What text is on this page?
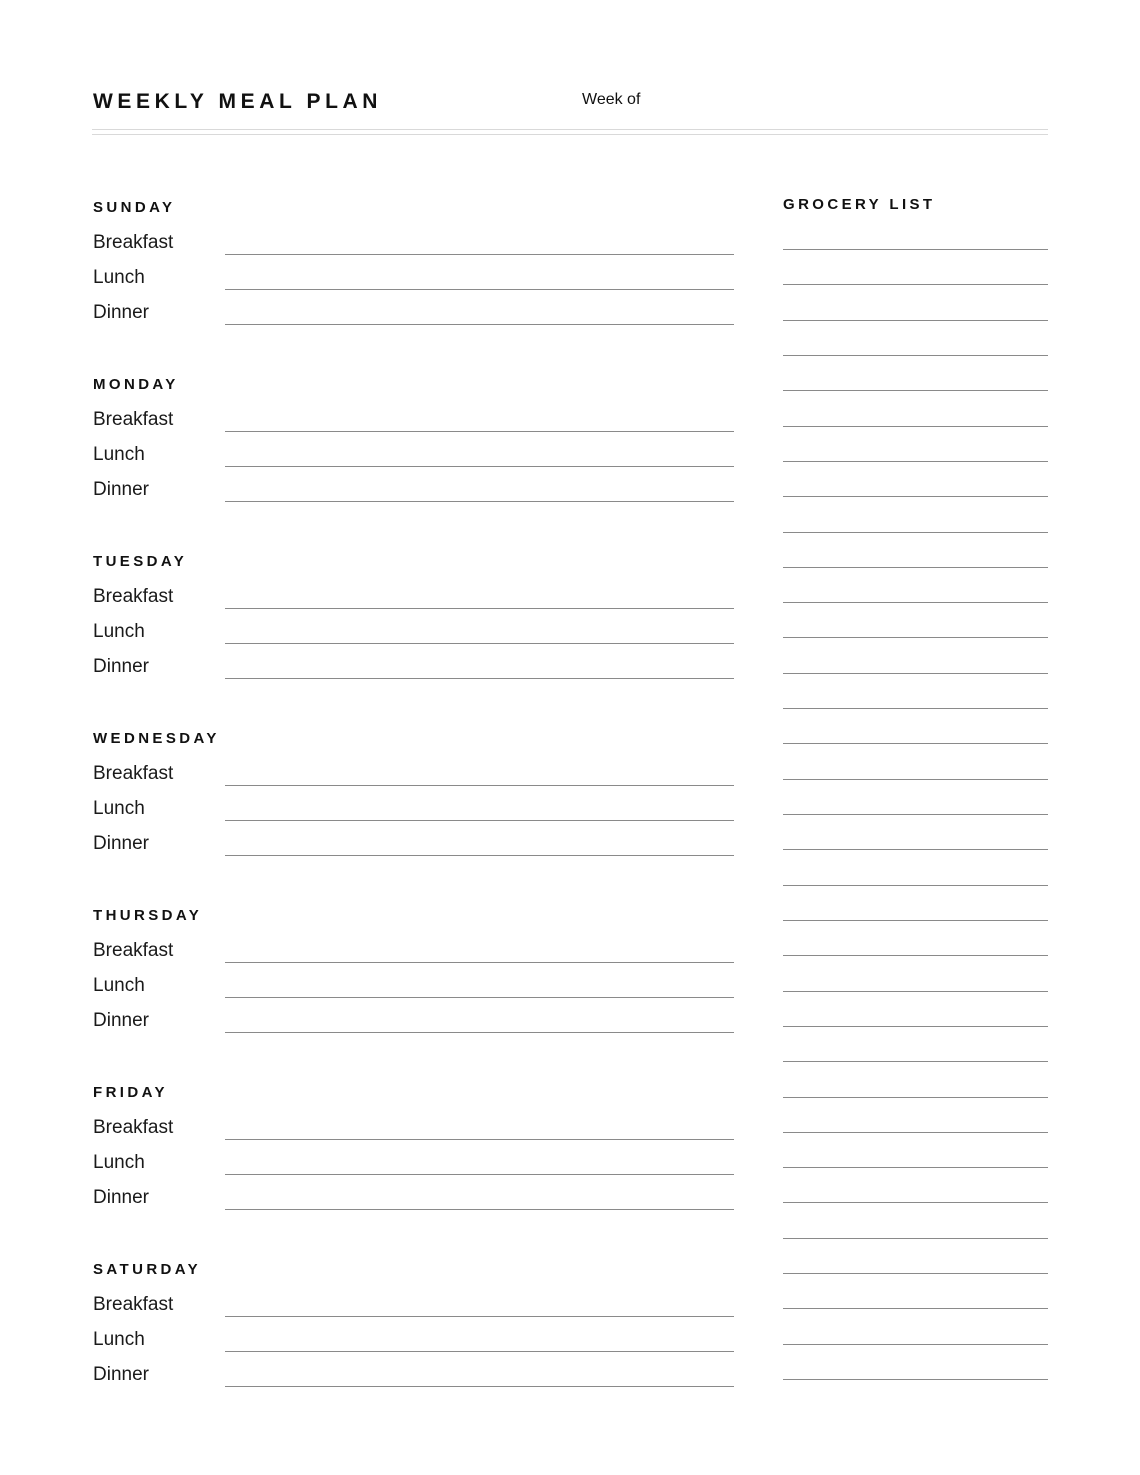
WEEKLY MEAL PLAN	Week of
SUNDAY
Breakfast
Lunch
Dinner
MONDAY
Breakfast
Lunch
Dinner
TUESDAY
Breakfast
Lunch
Dinner
WEDNESDAY
Breakfast
Lunch
Dinner
THURSDAY
Breakfast
Lunch
Dinner
FRIDAY
Breakfast
Lunch
Dinner
SATURDAY
Breakfast
Lunch
Dinner
GROCERY LIST
